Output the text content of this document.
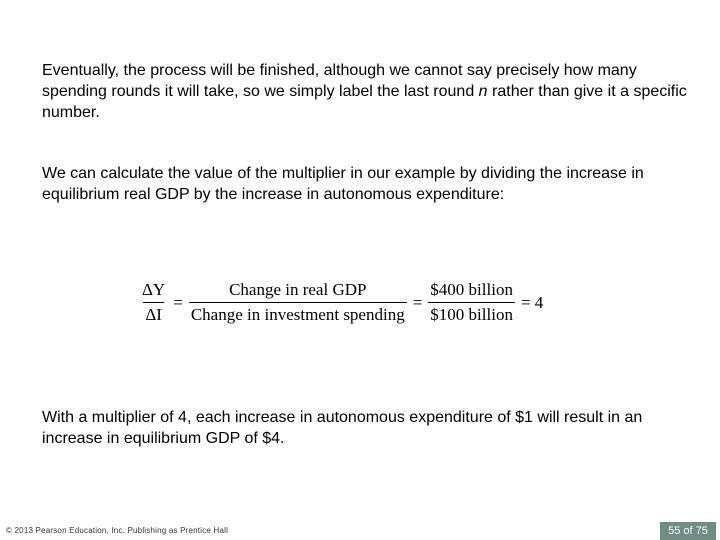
Eventually, the process will be finished, although we cannot say precisely how many spending rounds it will take, so we simply label the last round n rather than give it a specific number.

We can calculate the value of the multiplier in our example by dividing the increase in equilibrium real GDP by the increase in autonomous expenditure:

$\frac{\Delta Y}{\Delta I} = \frac{\text{Change in real GDP}}{\text{Change in investment spending}} = \frac{\text{\$400 billion}}{\text{\$100 billion}} = 4$

With a multiplier of 4, each increase in autonomous expenditure of $1 will result in an increase in equilibrium GDP of $4.

© 2013 Pearson Education, Inc. Publishing as Prentice Hall	55 of 75
